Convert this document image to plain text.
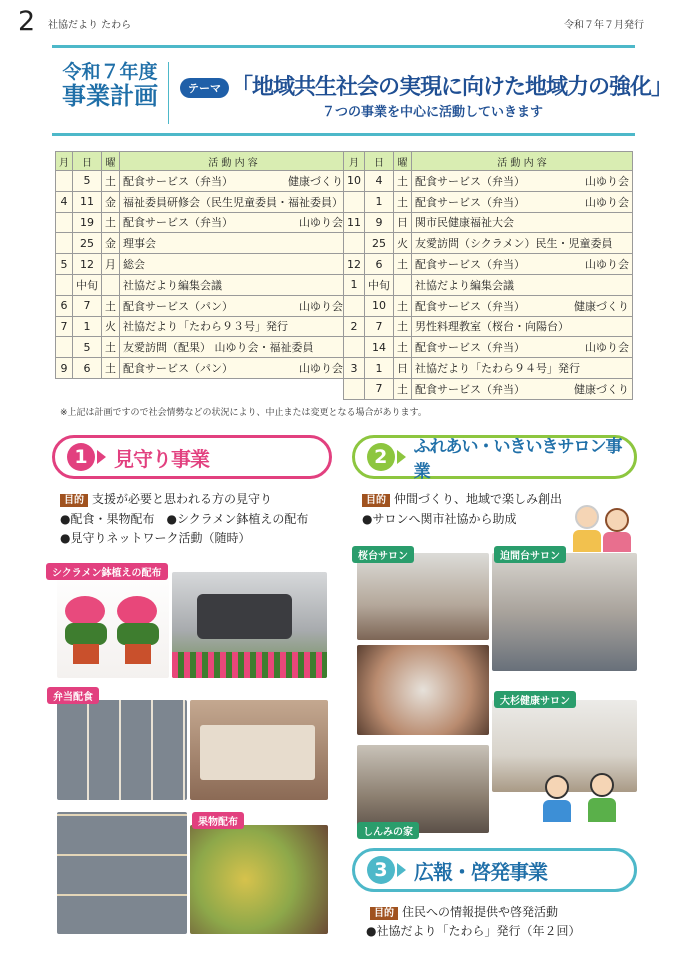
2 社協だより たわら	令和７年７月発行
令和７年度
事業計画	テーマ 「地域共生社会の実現に向けた地域力の強化」
７つの事業を中心に活動していきます
月	日	曜	活 動 内 容
	5	土	配食サービス（弁当） 健康づくり

4	11	金	福祉委員研修会（民生児童委員・福祉委員）

	19	土	配食サービス（弁当） 山ゆり会

	25	金	理事会

5	12	月	総会

	中旬		社協だより編集会議

6	7	土	配食サービス（パン） 山ゆり会

7	1	火	社協だより「たわら９３号」発行

	5	土	友愛訪問（配果） 山ゆり会・福祉委員

9	6	土	配食サービス（パン） 山ゆり会
月	日	曜	活 動 内 容
10	4	土	配食サービス（弁当） 山ゆり会

	1	土	配食サービス（弁当） 山ゆり会

11	9	日	関市民健康福祉大会

	25	火	友愛訪問（シクラメン）民生・児童委員

12	6	土	配食サービス（弁当） 山ゆり会

1	中旬		社協だより編集会議

	10	土	配食サービス（弁当） 健康づくり

2	7	土	男性料理教室（桜台・向陽台）

	14	土	配食サービス（弁当） 山ゆり会

3	1	日	社協だより「たわら９４号」発行

	7	土	配食サービス（弁当） 健康づくり
※上記は計画ですので社会情勢などの状況により、中止または変更となる場合があります。
1	見守り事業
目的 支援が必要と思われる方の見守り
●配食・果物配布　●シクラメン鉢植えの配布
●見守りネットワーク活動（随時）
シクラメン鉢植えの配布
弁当配食
果物配布
2	ふれあい・いきいきサロン事業
目的 仲間づくり、地域で楽しみ創出
●サロンへ関市社協から助成
桜台サロン	迫間台サロン
大杉健康サロン
しんみの家
3	広報・啓発事業
目的 住民への情報提供や啓発活動
●社協だより「たわら」発行（年２回）
